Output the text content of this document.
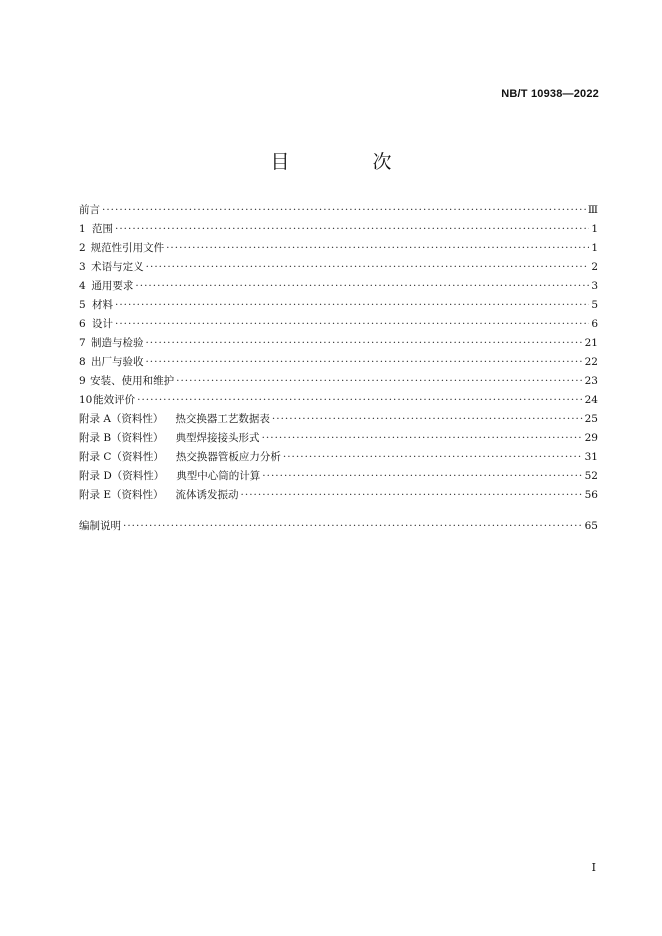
NB/T 10938—2022
目　次
前言 ·····	Ⅲ
1 范围 ·····	1
2 规范性引用文件 ·····	1
3 术语与定义 ·····	2
4 通用要求 ·····	3
5 材料 ·····	5
6 设计 ·····	6
7 制造与检验 ·····	21
8 出厂与验收 ·····	22
9 安装、使用和维护 ·····	23
10 能效评价 ·····	24
附录 A（资料性） 热交换器工艺数据表 ·····	25
附录 B（资料性） 典型焊接接头形式 ·····	29
附录 C（资料性） 热交换器管板应力分析 ·····	31
附录 D（资料性） 典型中心筒的计算 ·····	52
附录 E（资料性） 流体诱发振动 ·····	56
编制说明 ·····	65
I
